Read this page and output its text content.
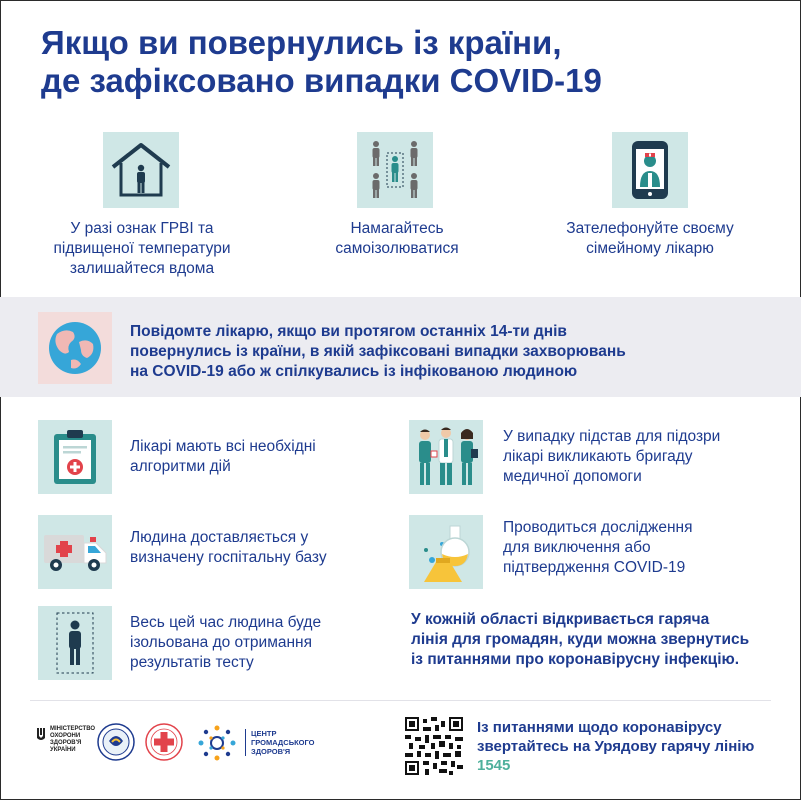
Якщо ви повернулись із країни,
де зафіксовано випадки COVID-19
У разі ознак ГРВІ та
підвищеної температури
залишайтеся вдома
Намагайтесь
самоізолюватися
Зателефонуйте своєму
сімейному лікарю
Повідомте лікарю, якщо ви протягом останніх 14-ти днів
повернулись із країни, в якій зафіксовані випадки захворювань
на COVID-19 або ж спілкувались із інфікованою людиною
Лікарі мають всі необхідні
алгоритми дій
У випадку підстав для підозри
лікарі викликають бригаду
медичної допомоги
Людина доставляється у
визначену госпітальну базу
Проводиться дослідження
для виключення або
підтвердження COVID-19
Весь цей час людина буде
ізольована до отримання
результатів тесту
У кожній області відкривається гаряча
лінія для громадян, куди можна звернутись
із питаннями про коронавірусну інфекцію.
МІНІСТЕРСТВО
ОХОРОНИ
ЗДОРОВ'Я
УКРАЇНИ
ЦЕНТР
ГРОМАДСЬКОГО
ЗДОРОВ'Я
Із питаннями щодо коронавірусу
звертайтесь на Урядову гарячу лінію
1545
